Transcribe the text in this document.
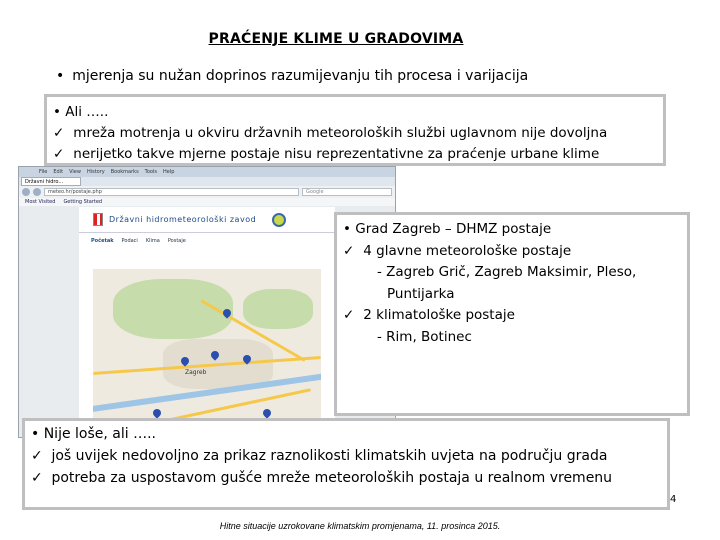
PRAĆENJE KLIME U GRADOVIMA
• mjerenja su nužan doprinos razumijevanju tih procesa i varijacija
• Ali …..
✓ mreža motrenja u okviru državnih meteoroloških službi uglavnom nije dovoljna
✓ nerijetko takve mjerne postaje nisu reprezentativne za praćenje urbane klime
File Edit View History Bookmarks Tools Help
Državni hidro...
meteo.hr/postaje.php	Google
Most Visited Getting Started
Državni hidrometeorološki zavod
Početak Podaci Klima Postaje
Zagreb
• Grad Zagreb – DHMZ postaje
✓ 4 glavne meteorološke postaje
- Zagreb Grič, Zagreb Maksimir, Pleso,
Puntijarka
✓ 2 klimatološke postaje
- Rim, Botinec
• Nije loše, ali …..
✓ još uvijek nedovoljno za prikaz raznolikosti klimatskih uvjeta na području grada
✓ potreba za uspostavom gušće mreže meteoroloških postaja u realnom vremenu
4
Hitne situacije uzrokovane klimatskim promjenama, 11. prosinca 2015.
